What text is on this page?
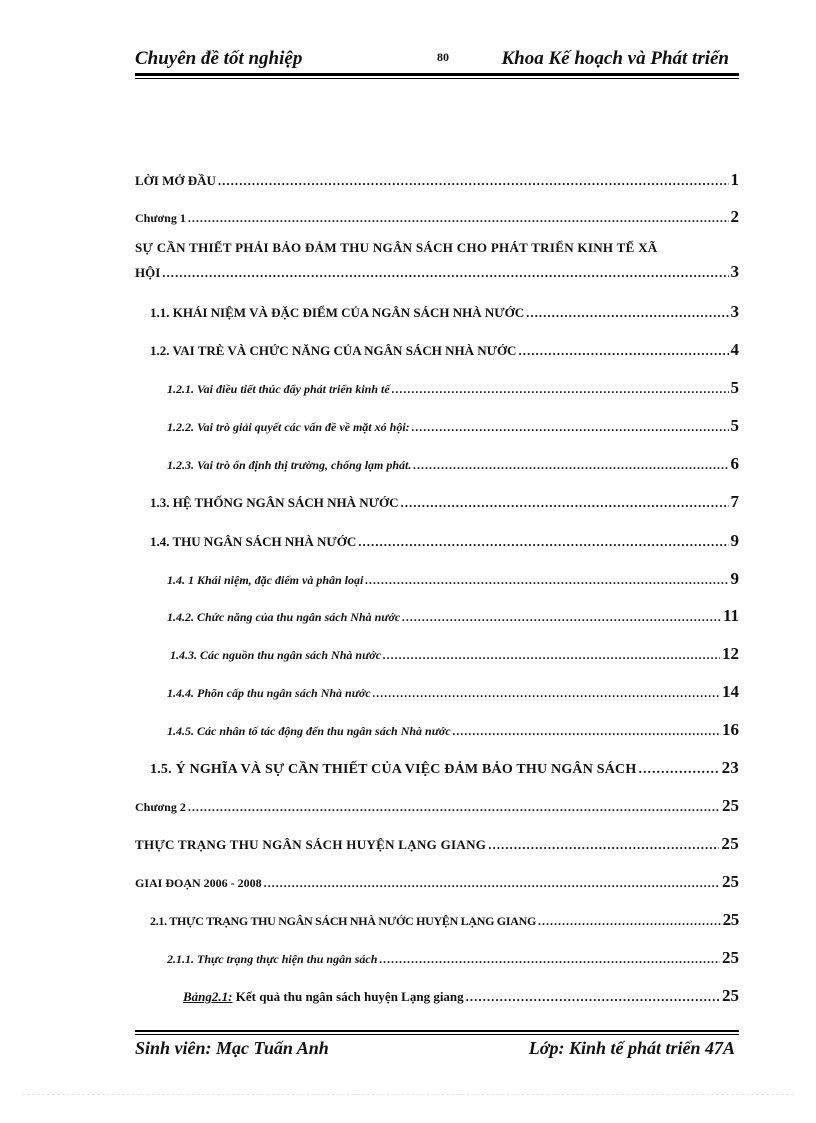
Chuyên đề tốt nghiệp	80	Khoa Kế hoạch và Phát triển
LỜI MỞ ĐẦU .....	1
Chương 1 .....	2
SỰ CẦN THIẾT PHẢI BẢO ĐẢM THU NGÂN SÁCH CHO PHÁT TRIỂN KINH TẾ XÃ
HỘI .....	3
1.1. KHÁI NIỆM VÀ ĐẶC ĐIỂM CỦA NGÂN SÁCH NHÀ NƯỚC .....	3
1.2. VAI TRÈ VÀ CHỨC NĂNG CỦA NGÂN SÁCH NHÀ NƯỚC .....	4
1.2.1. Vai điều tiết thúc đẩy phát triển kinh tế .....	5
1.2.2. Vai trò giải quyết các vấn đề về mặt xó hội: .....	5
1.2.3. Vai trò ổn định thị trường, chống lạm phát. .....	6
1.3. HỆ THỐNG NGÂN SÁCH NHÀ NƯỚC .....	7
1.4. THU NGÂN SÁCH NHÀ NƯỚC .....	9
1.4. 1 Khái niệm, đặc điểm và phân loại .....	9
1.4.2. Chức năng của thu ngân sách Nhà nước .....	11
1.4.3. Các nguồn thu ngân sách Nhà nước .....	12
1.4.4. Phõn cấp thu ngân sách Nhà nước .....	14
1.4.5. Các nhân tố tác động đến thu ngân sách Nhà nước .....	16
1.5. Ý NGHĨA VÀ SỰ CẦN THIẾT CỦA VIỆC ĐẢM BẢO THU NGÂN SÁCH .....	23
Chương 2 .....	25
THỰC TRẠNG THU NGÂN SÁCH HUYỆN LẠNG GIANG .....	25
GIAI ĐOẠN 2006 - 2008 .....	25
2.1. THỰC TRẠNG THU NGÂN SÁCH NHÀ NƯỚC HUYỆN LẠNG GIANG .....	25
2.1.1. Thực trạng thực hiện thu ngân sách .....	25
Bảng2.1: Kết quả thu ngân sách huyện Lạng giang .....	25
Sinh viên: Mạc Tuấn Anh	Lớp: Kinh tế phát triển 47A
